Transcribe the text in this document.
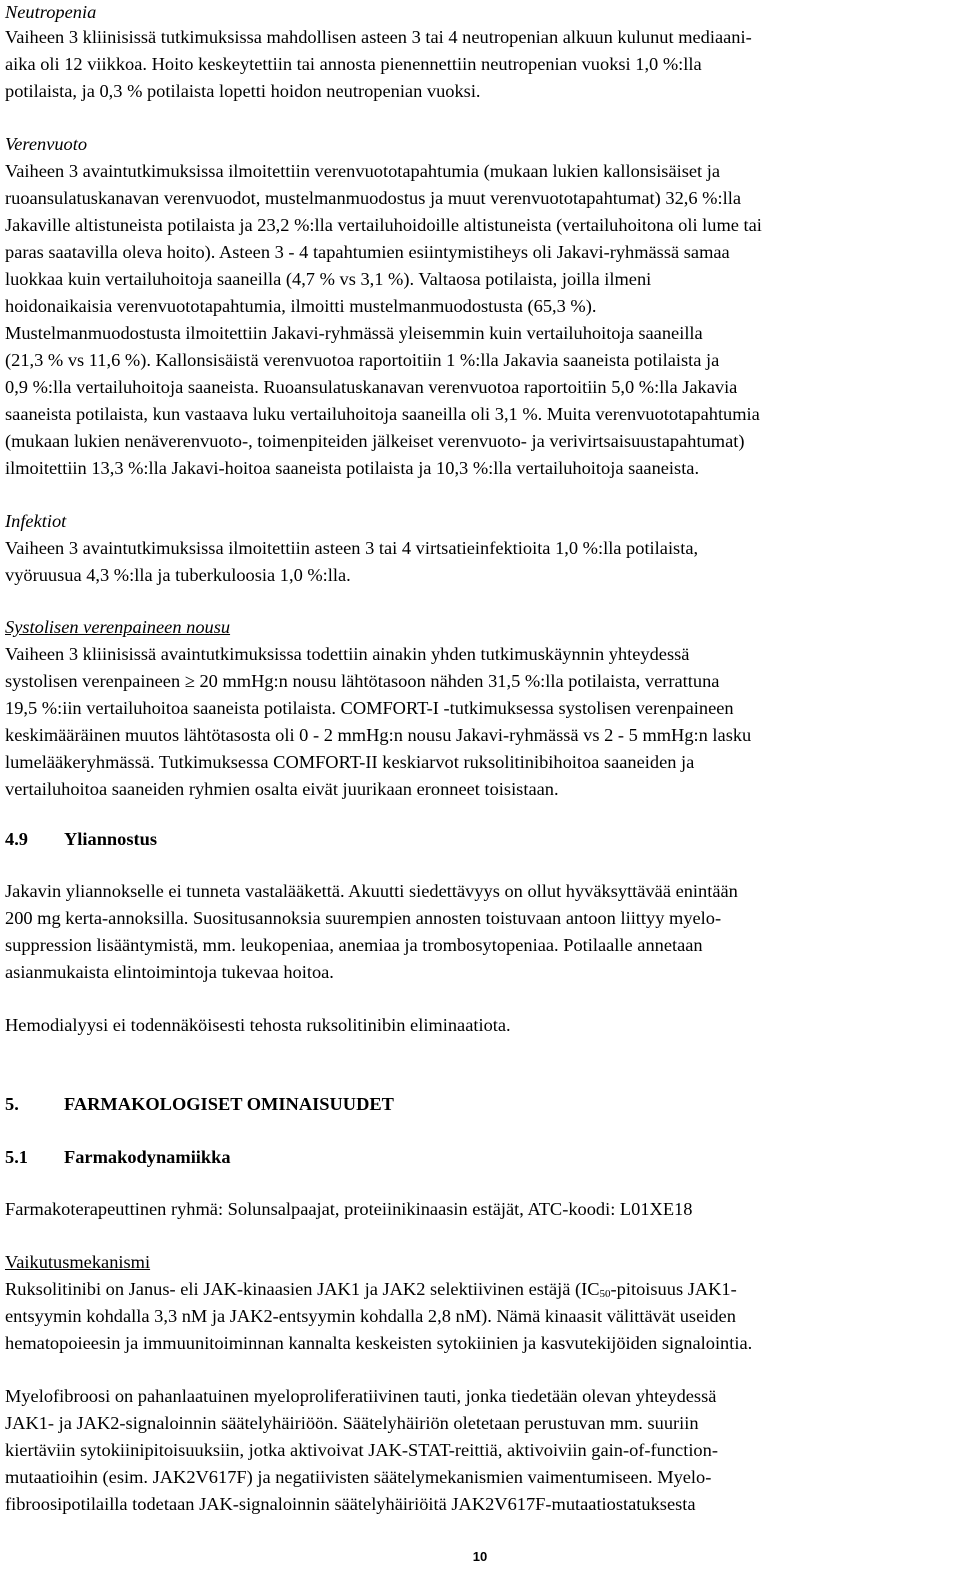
Neutropenia
Vaiheen 3 kliinisissä tutkimuksissa mahdollisen asteen 3 tai 4 neutropenian alkuun kulunut mediaani-
aika oli 12 viikkoa. Hoito keskeytettiin tai annosta pienennettiin neutropenian vuoksi 1,0 %:lla
potilaista, ja 0,3 % potilaista lopetti hoidon neutropenian vuoksi.
Verenvuoto
Vaiheen 3 avaintutkimuksissa ilmoitettiin verenvuototapahtumia (mukaan lukien kallonsisäiset ja
ruoansulatuskanavan verenvuodot, mustelmanmuodostus ja muut verenvuototapahtumat) 32,6 %:lla
Jakaville altistuneista potilaista ja 23,2 %:lla vertailuhoidoille altistuneista (vertailuhoitona oli lume tai
paras saatavilla oleva hoito). Asteen 3 - 4 tapahtumien esiintymistiheys oli Jakavi-ryhmässä samaa
luokkaa kuin vertailuhoitoja saaneilla (4,7 % vs 3,1 %). Valtaosa potilaista, joilla ilmeni
hoidonaikaisia verenvuototapahtumia, ilmoitti mustelmanmuodostusta (65,3 %).
Mustelmanmuodostusta ilmoitettiin Jakavi-ryhmässä yleisemmin kuin vertailuhoitoja saaneilla
(21,3 % vs 11,6 %). Kallonsisäistä verenvuotoa raportoitiin 1 %:lla Jakavia saaneista potilaista ja
0,9 %:lla vertailuhoitoja saaneista. Ruoansulatuskanavan verenvuotoa raportoitiin 5,0 %:lla Jakavia
saaneista potilaista, kun vastaava luku vertailuhoitoja saaneilla oli 3,1 %. Muita verenvuototapahtumia
(mukaan lukien nenäverenvuoto-, toimenpiteiden jälkeiset verenvuoto- ja verivirtsaisuustapahtumat)
ilmoitettiin 13,3 %:lla Jakavi-hoitoa saaneista potilaista ja 10,3 %:lla vertailuhoitoja saaneista.
Infektiot
Vaiheen 3 avaintutkimuksissa ilmoitettiin asteen 3 tai 4 virtsatieinfektioita 1,0 %:lla potilaista,
vyöruusua 4,3 %:lla ja tuberkuloosia 1,0 %:lla.
Systolisen verenpaineen nousu
Vaiheen 3 kliinisissä avaintutkimuksissa todettiin ainakin yhden tutkimuskäynnin yhteydessä
systolisen verenpaineen ≥ 20 mmHg:n nousu lähtötasoon nähden 31,5 %:lla potilaista, verrattuna
19,5 %:iin vertailuhoitoa saaneista potilaista. COMFORT-I -tutkimuksessa systolisen verenpaineen
keskimääräinen muutos lähtötasosta oli 0 - 2 mmHg:n nousu Jakavi-ryhmässä vs 2 - 5 mmHg:n lasku
lumelääkeryhmässä. Tutkimuksessa COMFORT-II keskiarvot ruksolitinibihoitoa saaneiden ja
vertailuhoitoa saaneiden ryhmien osalta eivät juurikaan eronneet toisistaan.
4.9 Yliannostus
Jakavin yliannokselle ei tunneta vastalääkettä. Akuutti siedettävyys on ollut hyväksyttävää enintään
200 mg kerta-annoksilla. Suositusannoksia suurempien annosten toistuvaan antoon liittyy myelo-
suppression lisääntymistä, mm. leukopeniaa, anemiaa ja trombosytopeniaa. Potilaalle annetaan
asianmukaista elintoimintoja tukevaa hoitoa.
Hemodialyysi ei todennäköisesti tehosta ruksolitinibin eliminaatiota.
5. FARMAKOLOGISET OMINAISUUDET
5.1 Farmakodynamiikka
Farmakoterapeuttinen ryhmä: Solunsalpaajat, proteiinikinaasin estäjät, ATC-koodi: L01XE18
Vaikutusmekanismi
Ruksolitinibi on Janus- eli JAK-kinaasien JAK1 ja JAK2 selektiivinen estäjä ($IC_{50}$-pitoisuus JAK1-
entsyymin kohdalla 3,3 nM ja JAK2-entsyymin kohdalla 2,8 nM). Nämä kinaasit välittävät useiden
hematopoieesin ja immuunitoiminnan kannalta keskeisten sytokiinien ja kasvutekijöiden signalointia.
Myelofibroosi on pahanlaatuinen myeloproliferatiivinen tauti, jonka tiedetään olevan yhteydessä
JAK1- ja JAK2-signaloinnin säätelyhäiriöön. Säätelyhäiriön oletetaan perustuvan mm. suuriin
kiertäviin sytokiinipitoisuuksiin, jotka aktivoivat JAK-STAT-reittiä, aktivoiviin gain-of-function-
mutaatioihin (esim. JAK2V617F) ja negatiivisten säätelymekanismien vaimentumiseen. Myelo-
fibroosipotilailla todetaan JAK-signaloinnin säätelyhäiriöitä JAK2V617F-mutaatiostatuksesta
10
